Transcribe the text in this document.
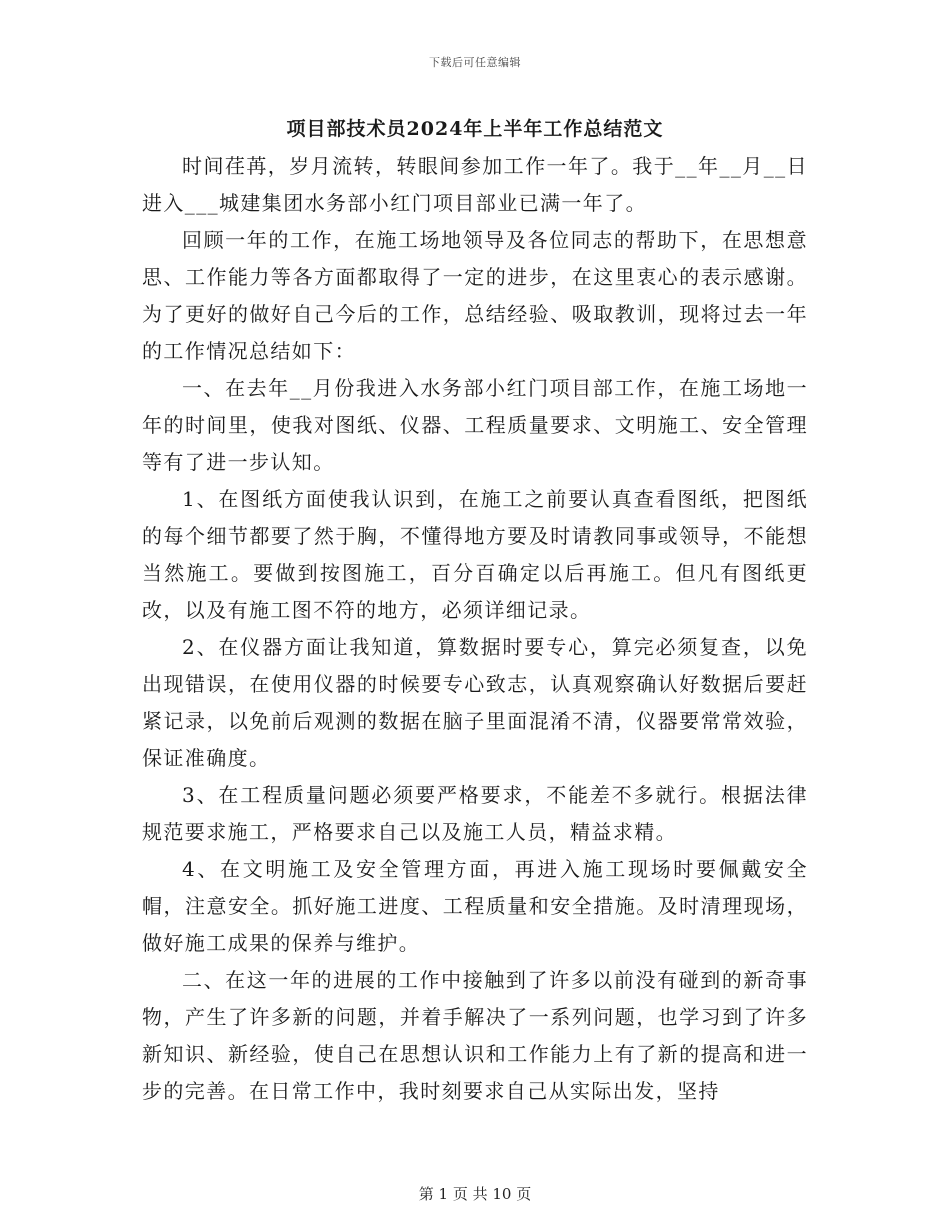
下载后可任意编辑
项目部技术员2024年上半年工作总结范文

时间荏苒，岁月流转，转眼间参加工作一年了。我于__年__月__日进入___城建集团水务部小红门项目部业已满一年了。

回顾一年的工作，在施工场地领导及各位同志的帮助下，在思想意思、工作能力等各方面都取得了一定的进步，在这里衷心的表示感谢。为了更好的做好自己今后的工作，总结经验、吸取教训，现将过去一年的工作情况总结如下：

一、在去年__月份我进入水务部小红门项目部工作，在施工场地一年的时间里，使我对图纸、仪器、工程质量要求、文明施工、安全管理等有了进一步认知。

1、在图纸方面使我认识到，在施工之前要认真查看图纸，把图纸的每个细节都要了然于胸，不懂得地方要及时请教同事或领导，不能想当然施工。要做到按图施工，百分百确定以后再施工。但凡有图纸更改，以及有施工图不符的地方，必须详细记录。

2、在仪器方面让我知道，算数据时要专心，算完必须复查，以免出现错误，在使用仪器的时候要专心致志，认真观察确认好数据后要赶紧记录，以免前后观测的数据在脑子里面混淆不清，仪器要常常效验，保证准确度。

3、在工程质量问题必须要严格要求，不能差不多就行。根据法律规范要求施工，严格要求自己以及施工人员，精益求精。

4、在文明施工及安全管理方面，再进入施工现场时要佩戴安全帽，注意安全。抓好施工进度、工程质量和安全措施。及时清理现场，做好施工成果的保养与维护。

二、在这一年的进展的工作中接触到了许多以前没有碰到的新奇事物，产生了许多新的问题，并着手解决了一系列问题，也学习到了许多新知识、新经验，使自己在思想认识和工作能力上有了新的提高和进一步的完善。在日常工作中，我时刻要求自己从实际出发，坚持

第 1 页 共 10 页
